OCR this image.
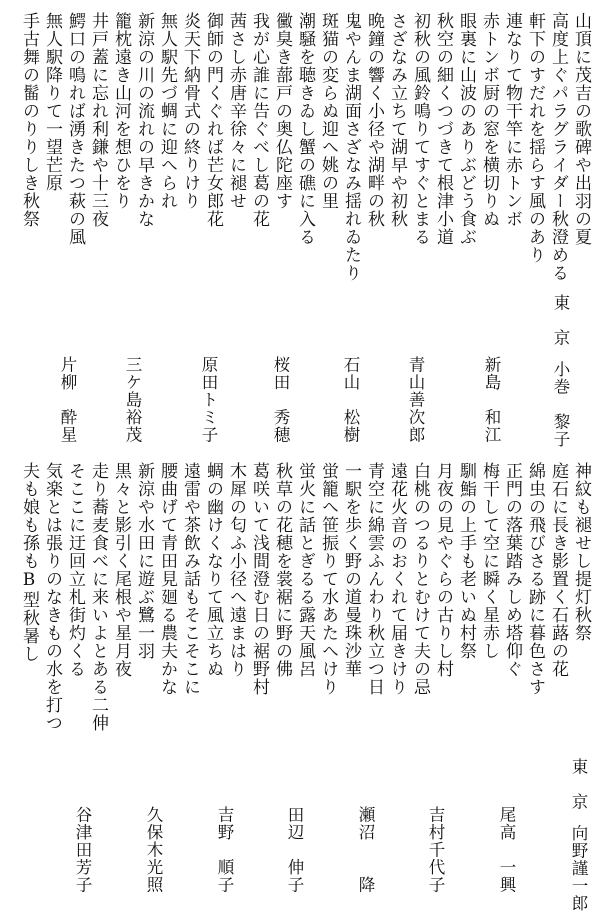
山頂に茂吉の歌碑や出羽の夏
高度上ぐパラグライダー秋澄める
軒下のすだれを揺らす風のあり
連なりて物干竿に赤トンボ
赤トンボ厨の窓を横切りぬ
眼裏に山波のありぶどう食ぶ
秋空の細くつづきて根津小道
初秋の風鈴鳴りてすぐとまる
さざなみ立ちて湖早や初秋
晩鐘の響く小径や湖畔の秋
鬼やんま湖面さざなみ揺れゐたり
斑猫の変らぬ迎へ姚の里
潮騒を聴きゐし蟹の礁に入る
黴臭き蔀戸の奥仏陀座す
我が心誰に告ぐべし葛の花
茜さし赤唐辛徐々に褪せ
御師の門くぐれば芒女郎花
炎天下納骨式の終りけり
無人駅先づ蜩に迎へられ
新涼の川の流れの早きかな
籠枕遠き山河を想ひをり
井戸蓋に忘れ利鎌や十三夜
鰐口の鳴れば湧きたつ萩の風
無人駅降りて一望芒原
手古舞の髷のりりしき秋祭
東　京小巻　黎子
新島　和江
青山善次郎
石山　松樹
桜田　秀穂
原田トミ子
三ケ島裕茂
片柳　酔星
神紋も褪せし提灯秋祭
庭石に長き影置く石蕗の花
綿虫の飛びさる跡に暮色さす
正門の落葉踏みしめ塔仰ぐ
梅干して空に瞬く星赤し
馴鮨の上手も老いぬ村祭
月夜の見やぐらの古りし村
白桃のつるりとむけて夫の忌
遠花火音のおくれて届きけり
青空に綿雲ふんわり秋立つ日
一駅を歩く野の道曼珠沙華
蛍籠へ笹振りて水あたへけり
蛍火に話とぎるる露天風呂
秋草の花穂を裳裾に野の佛
葛咲いて浅間澄む日の裾野村
木犀の匂ふ小径へ遠まはり
蜩の幽けくなりて風立ちぬ
遠雷や茶飲み話もそこそこに
腰曲げて青田見廻る農夫かな
新涼や水田に遊ぶ鷺一羽
黒々と影引く尾根や星月夜
走り蕎麦食べに来いよとある二伸
そここに迂回立札街灼くる
気楽とは張りのなきもの水を打つ
夫も娘も孫もB型秋暑し
東　京向野謹一郎
尾高　一興
吉村千代子
瀬沼　　降
田辺　伸子
吉野　順子
久保木光照
谷津田芳子
